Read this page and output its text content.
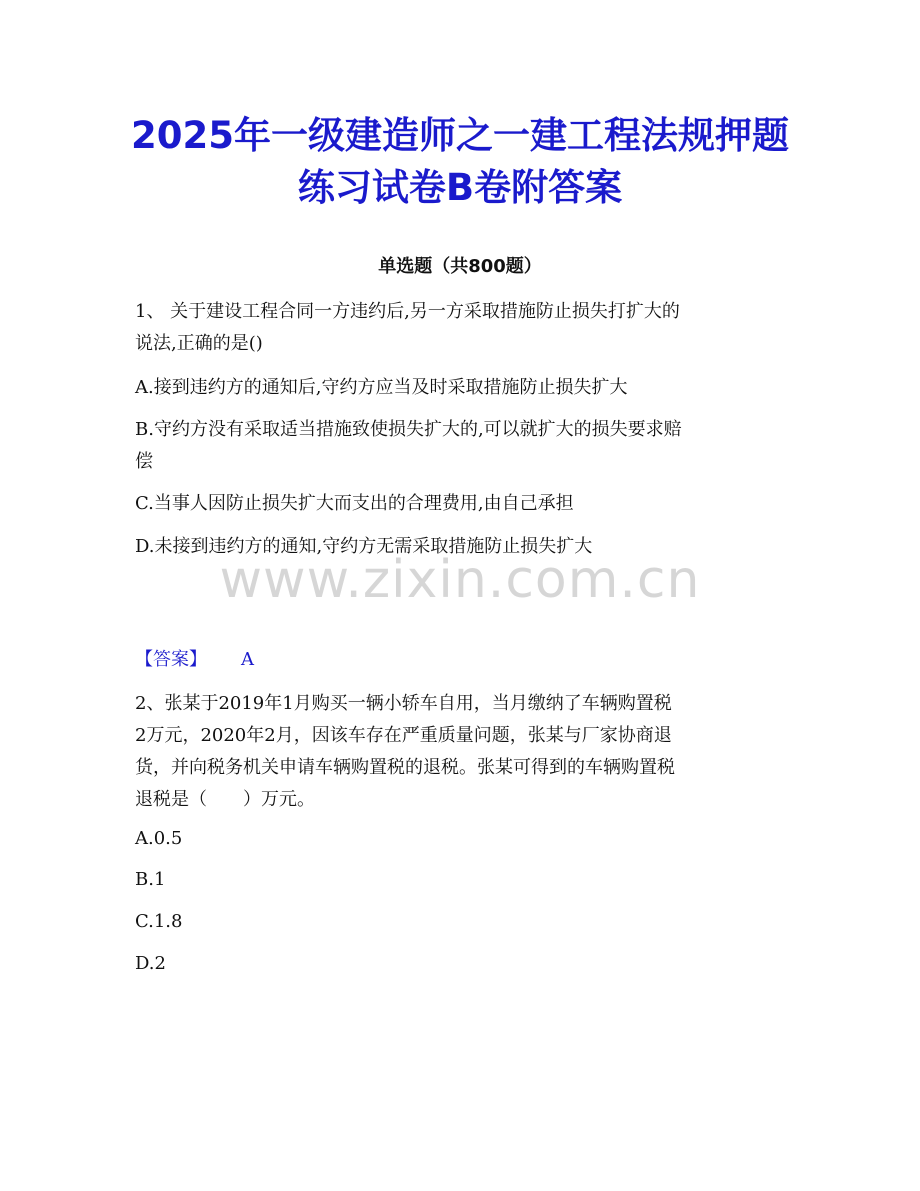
2025年一级建造师之一建工程法规押题
练习试卷B卷附答案
单选题（共800题）
1、 关于建设工程合同一方违约后,另一方采取措施防止损失打扩大的
说法,正确的是()
A.接到违约方的通知后,守约方应当及时采取措施防止损失扩大
B.守约方没有采取适当措施致使损失扩大的,可以就扩大的损失要求赔
偿
C.当事人因防止损失扩大而支出的合理费用,由自己承担
D.未接到违约方的通知,守约方无需采取措施防止损失扩大
www.zixin.com.cn
【答案】 A
2、张某于2019年1月购买一辆小轿车自用，当月缴纳了车辆购置税
2万元，2020年2月，因该车存在严重质量问题，张某与厂家协商退
货，并向税务机关申请车辆购置税的退税。张某可得到的车辆购置税
退税是（　　）万元。
A.0.5
B.1
C.1.8
D.2
